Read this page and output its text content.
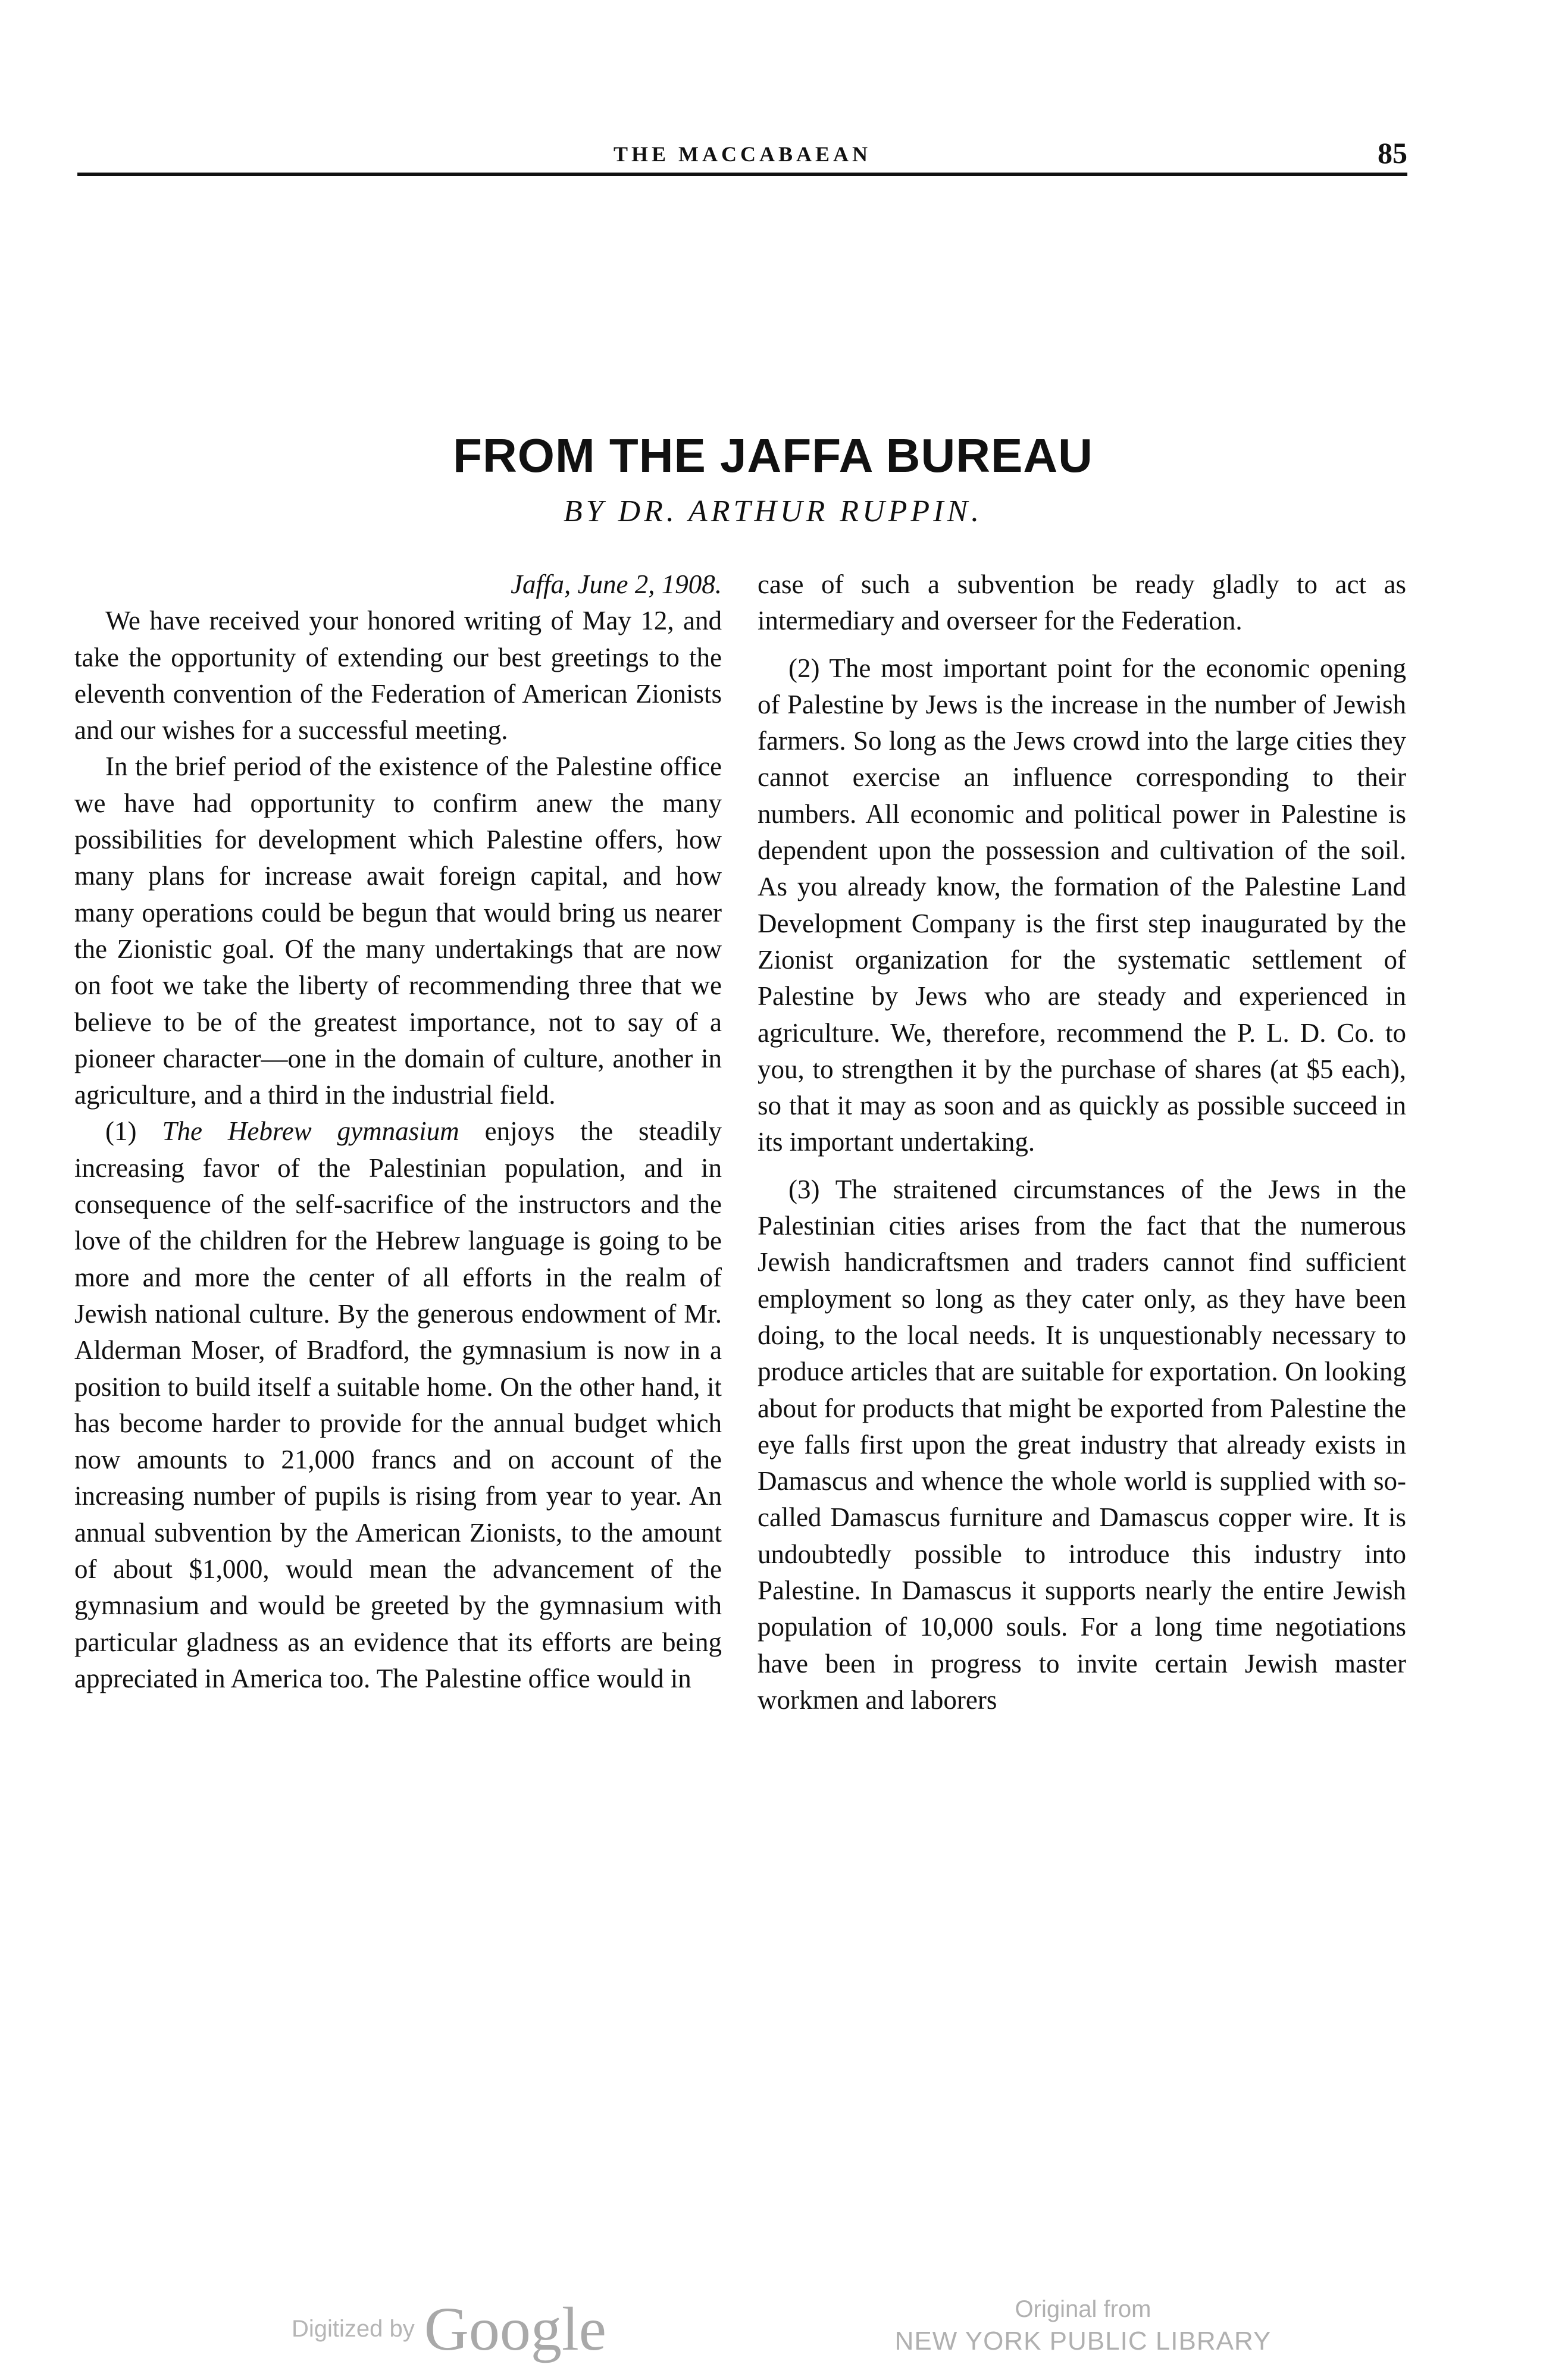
THE MACCABAEAN	85
FROM THE JAFFA BUREAU
BY DR. ARTHUR RUPPIN.

Jaffa, June 2, 1908.

We have received your honored writing of May 12, and take the opportunity of extending our best greetings to the eleventh convention of the Federation of American Zionists and our wishes for a successful meeting.

In the brief period of the existence of the Palestine office we have had opportunity to confirm anew the many possibilities for development which Palestine offers, how many plans for increase await foreign capital, and how many operations could be begun that would bring us nearer the Zionistic goal. Of the many undertakings that are now on foot we take the liberty of recommending three that we believe to be of the greatest importance, not to say of a pioneer character—one in the domain of culture, another in agriculture, and a third in the industrial field.

(1) The Hebrew gymnasium enjoys the steadily increasing favor of the Palestinian population, and in consequence of the self-sacrifice of the instructors and the love of the children for the Hebrew language is going to be more and more the center of all efforts in the realm of Jewish national culture. By the generous endowment of Mr. Alderman Moser, of Bradford, the gymnasium is now in a position to build itself a suitable home. On the other hand, it has become harder to provide for the annual budget which now amounts to 21,000 francs and on account of the increasing number of pupils is rising from year to year. An annual subvention by the American Zionists, to the amount of about $1,000, would mean the advancement of the gymnasium and would be greeted by the gymnasium with particular gladness as an evidence that its efforts are being appreciated in America too. The Palestine office would in

case of such a subvention be ready gladly to act as intermediary and overseer for the Federation.

(2) The most important point for the economic opening of Palestine by Jews is the increase in the number of Jewish farmers. So long as the Jews crowd into the large cities they cannot exercise an influence corresponding to their numbers. All economic and political power in Palestine is dependent upon the possession and cultivation of the soil. As you already know, the formation of the Palestine Land Development Company is the first step inaugurated by the Zionist organization for the systematic settlement of Palestine by Jews who are steady and experienced in agriculture. We, therefore, recommend the P. L. D. Co. to you, to strengthen it by the purchase of shares (at $5 each), so that it may as soon and as quickly as possible succeed in its important undertaking.

(3) The straitened circumstances of the Jews in the Palestinian cities arises from the fact that the numerous Jewish handicraftsmen and traders cannot find sufficient employment so long as they cater only, as they have been doing, to the local needs. It is unquestionably necessary to produce articles that are suitable for exportation. On looking about for products that might be exported from Palestine the eye falls first upon the great industry that already exists in Damascus and whence the whole world is supplied with so-called Damascus furniture and Damascus copper wire. It is undoubtedly possible to introduce this industry into Palestine. In Damascus it supports nearly the entire Jewish population of 10,000 souls. For a long time negotiations have been in progress to invite certain Jewish master workmen and laborers

Digitized by Google	Original from
NEW YORK PUBLIC LIBRARY
